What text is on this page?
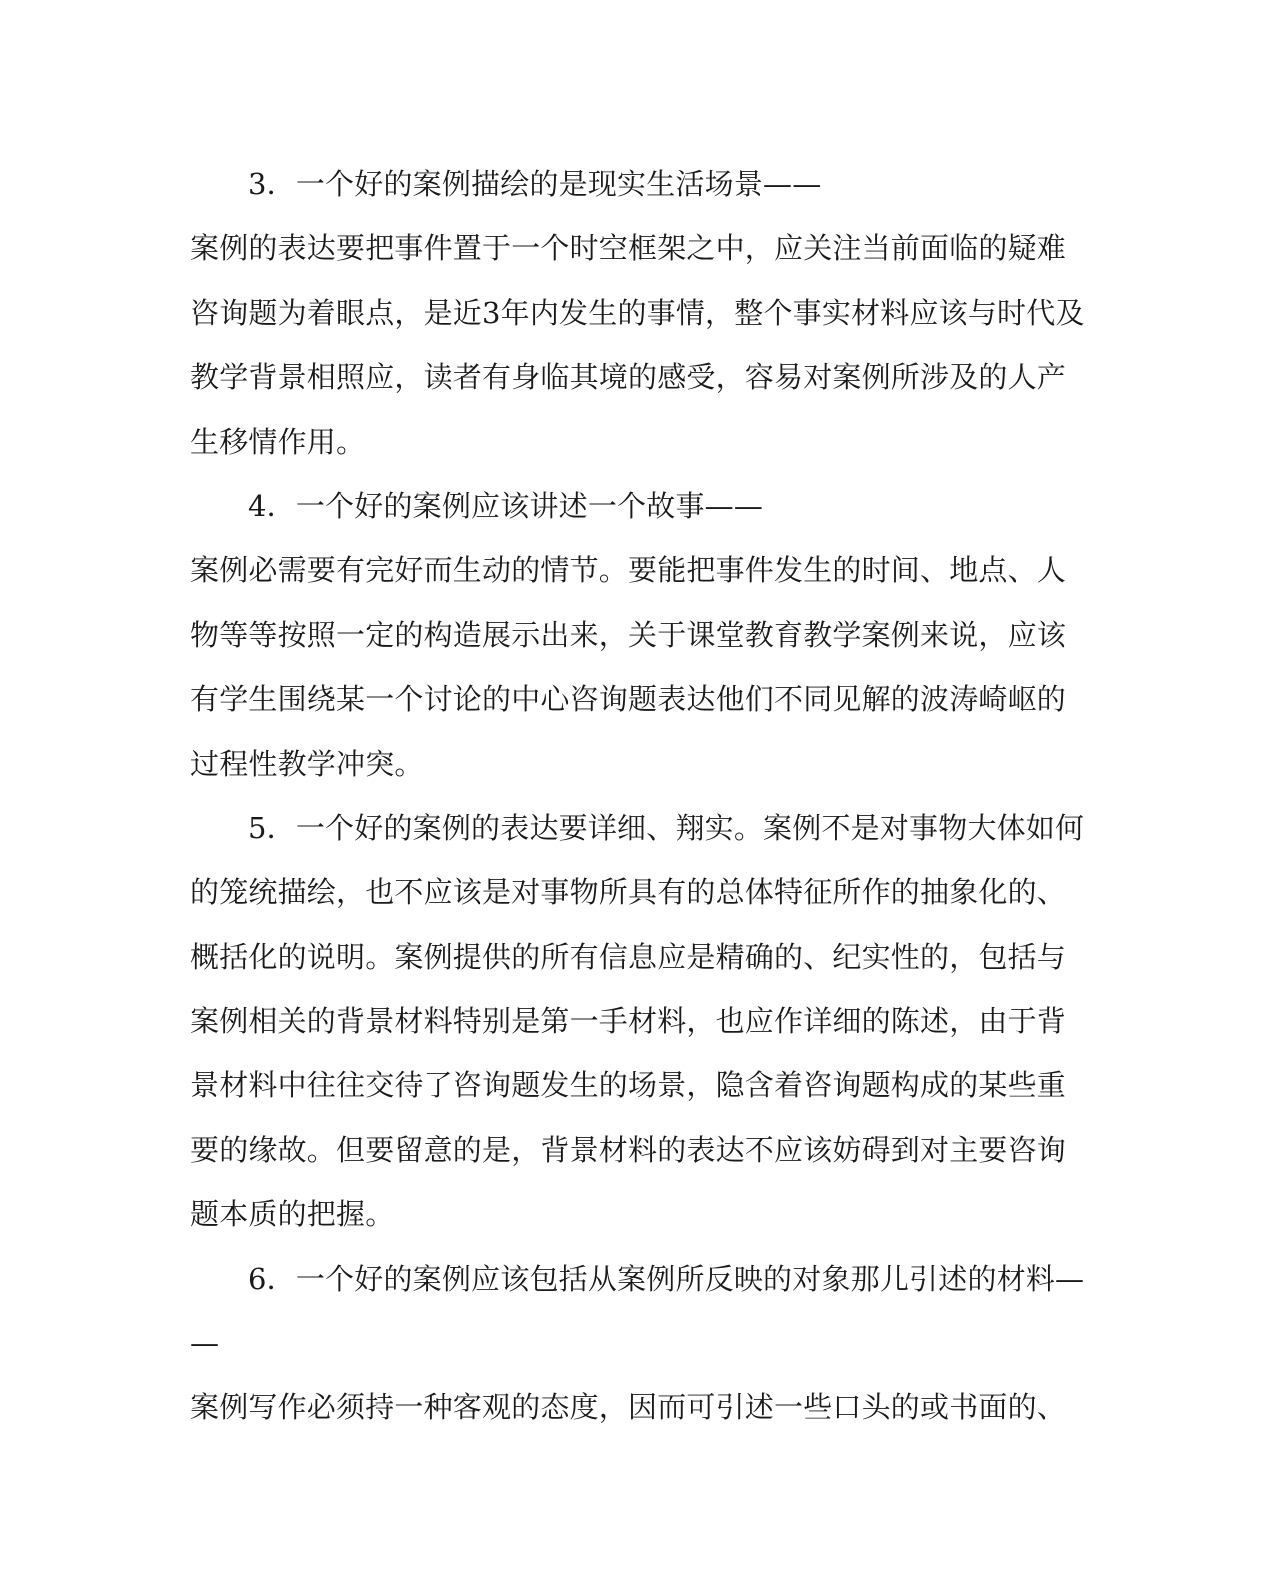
3．一个好的案例描绘的是现实生活场景——
案例的表达要把事件置于一个时空框架之中，应关注当前面临的疑难
咨询题为着眼点，是近3年内发生的事情，整个事实材料应该与时代及
教学背景相照应，读者有身临其境的感受，容易对案例所涉及的人产
生移情作用。
4．一个好的案例应该讲述一个故事——
案例必需要有完好而生动的情节。要能把事件发生的时间、地点、人
物等等按照一定的构造展示出来，关于课堂教育教学案例来说，应该
有学生围绕某一个讨论的中心咨询题表达他们不同见解的波涛崎岖的
过程性教学冲突。
5．一个好的案例的表达要详细、翔实。案例不是对事物大体如何
的笼统描绘，也不应该是对事物所具有的总体特征所作的抽象化的、
概括化的说明。案例提供的所有信息应是精确的、纪实性的，包括与
案例相关的背景材料特别是第一手材料，也应作详细的陈述，由于背
景材料中往往交待了咨询题发生的场景，隐含着咨询题构成的某些重
要的缘故。但要留意的是，背景材料的表达不应该妨碍到对主要咨询
题本质的把握。
6．一个好的案例应该包括从案例所反映的对象那儿引述的材料—
—
案例写作必须持一种客观的态度，因而可引述一些口头的或书面的、
